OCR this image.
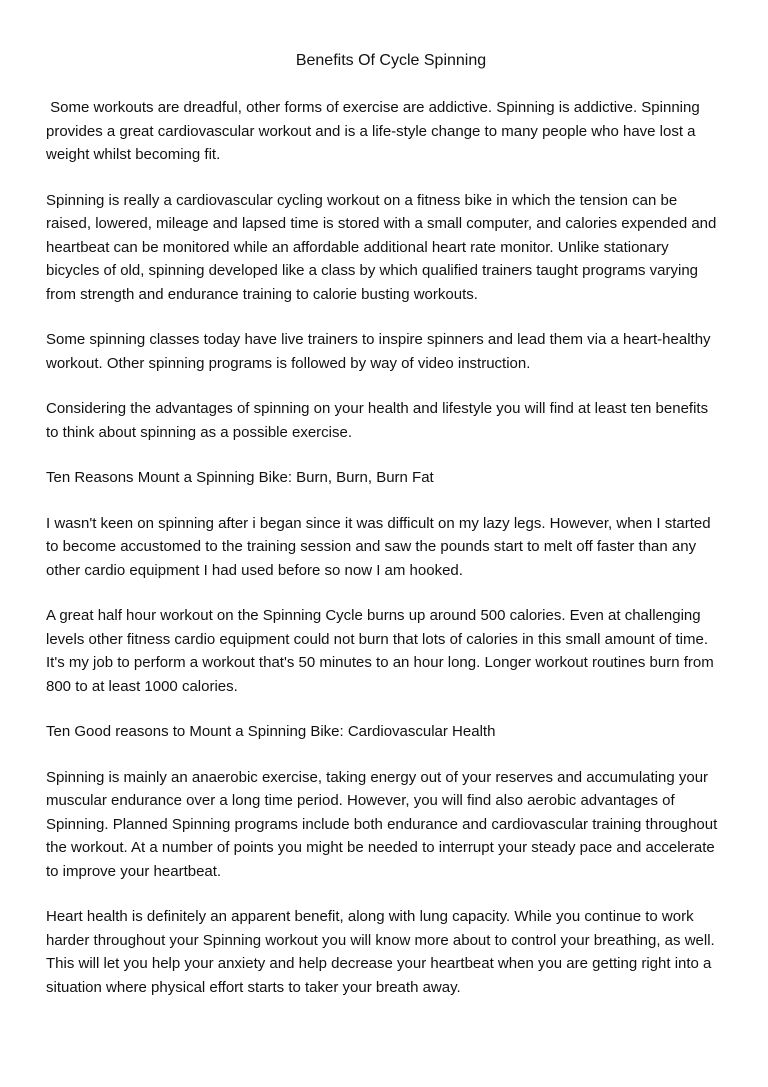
Benefits Of Cycle Spinning

Some workouts are dreadful, other forms of exercise are addictive. Spinning is addictive. Spinning provides a great cardiovascular workout and is a life-style change to many people who have lost a weight whilst becoming fit.

Spinning is really a cardiovascular cycling workout on a fitness bike in which the tension can be raised, lowered, mileage and lapsed time is stored with a small computer, and calories expended and heartbeat can be monitored while an affordable additional heart rate monitor. Unlike stationary bicycles of old, spinning developed like a class by which qualified trainers taught programs varying from strength and endurance training to calorie busting workouts.

Some spinning classes today have live trainers to inspire spinners and lead them via a heart-healthy workout. Other spinning programs is followed by way of video instruction.

Considering the advantages of spinning on your health and lifestyle you will find at least ten benefits to think about spinning as a possible exercise.

Ten Reasons Mount a Spinning Bike: Burn, Burn, Burn Fat

I wasn't keen on spinning after i began since it was difficult on my lazy legs. However, when I started to become accustomed to the training session and saw the pounds start to melt off faster than any other cardio equipment I had used before so now I am hooked.

A great half hour workout on the Spinning Cycle burns up around 500 calories. Even at challenging levels other fitness cardio equipment could not burn that lots of calories in this small amount of time. It's my job to perform a workout that's 50 minutes to an hour long. Longer workout routines burn from 800 to at least 1000 calories.

Ten Good reasons to Mount a Spinning Bike: Cardiovascular Health

Spinning is mainly an anaerobic exercise, taking energy out of your reserves and accumulating your muscular endurance over a long time period. However, you will find also aerobic advantages of Spinning. Planned Spinning programs include both endurance and cardiovascular training throughout the workout. At a number of points you might be needed to interrupt your steady pace and accelerate to improve your heartbeat.

Heart health is definitely an apparent benefit, along with lung capacity. While you continue to work harder throughout your Spinning workout you will know more about to control your breathing, as well. This will let you help your anxiety and help decrease your heartbeat when you are getting right into a situation where physical effort starts to taker your breath away.
